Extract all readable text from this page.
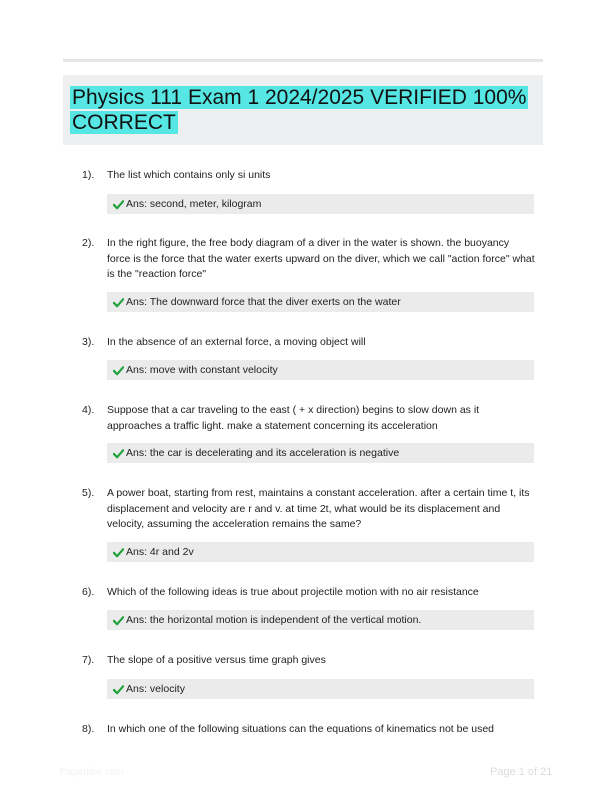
Physics 111 Exam 1 2024/2025 VERIFIED 100% CORRECT
1). The list which contains only si units
Ans: second, meter, kilogram
2). In the right figure, the free body diagram of a diver in the water is shown. the buoyancy force is the force that the water exerts upward on the diver, which we call "action force" what is the "reaction force"
Ans: The downward force that the diver exerts on the water
3). In the absence of an external force, a moving object will
Ans: move with constant velocity
4). Suppose that a car traveling to the east ( + x direction) begins to slow down as it approaches a traffic light. make a statement concerning its acceleration
Ans: the car is decelerating and its acceleration is negative
5). A power boat, starting from rest, maintains a constant acceleration. after a certain time t, its displacement and velocity are r and v. at time 2t, what would be its displacement and velocity, assuming the acceleration remains the same?
Ans: 4r and 2v
6). Which of the following ideas is true about projectile motion with no air resistance
Ans: the horizontal motion is independent of the vertical motion.
7). The slope of a positive versus time graph gives
Ans: velocity
8). In which one of the following situations can the equations of kinematics not be used
Paperlibe.com	Page 1 of 21
